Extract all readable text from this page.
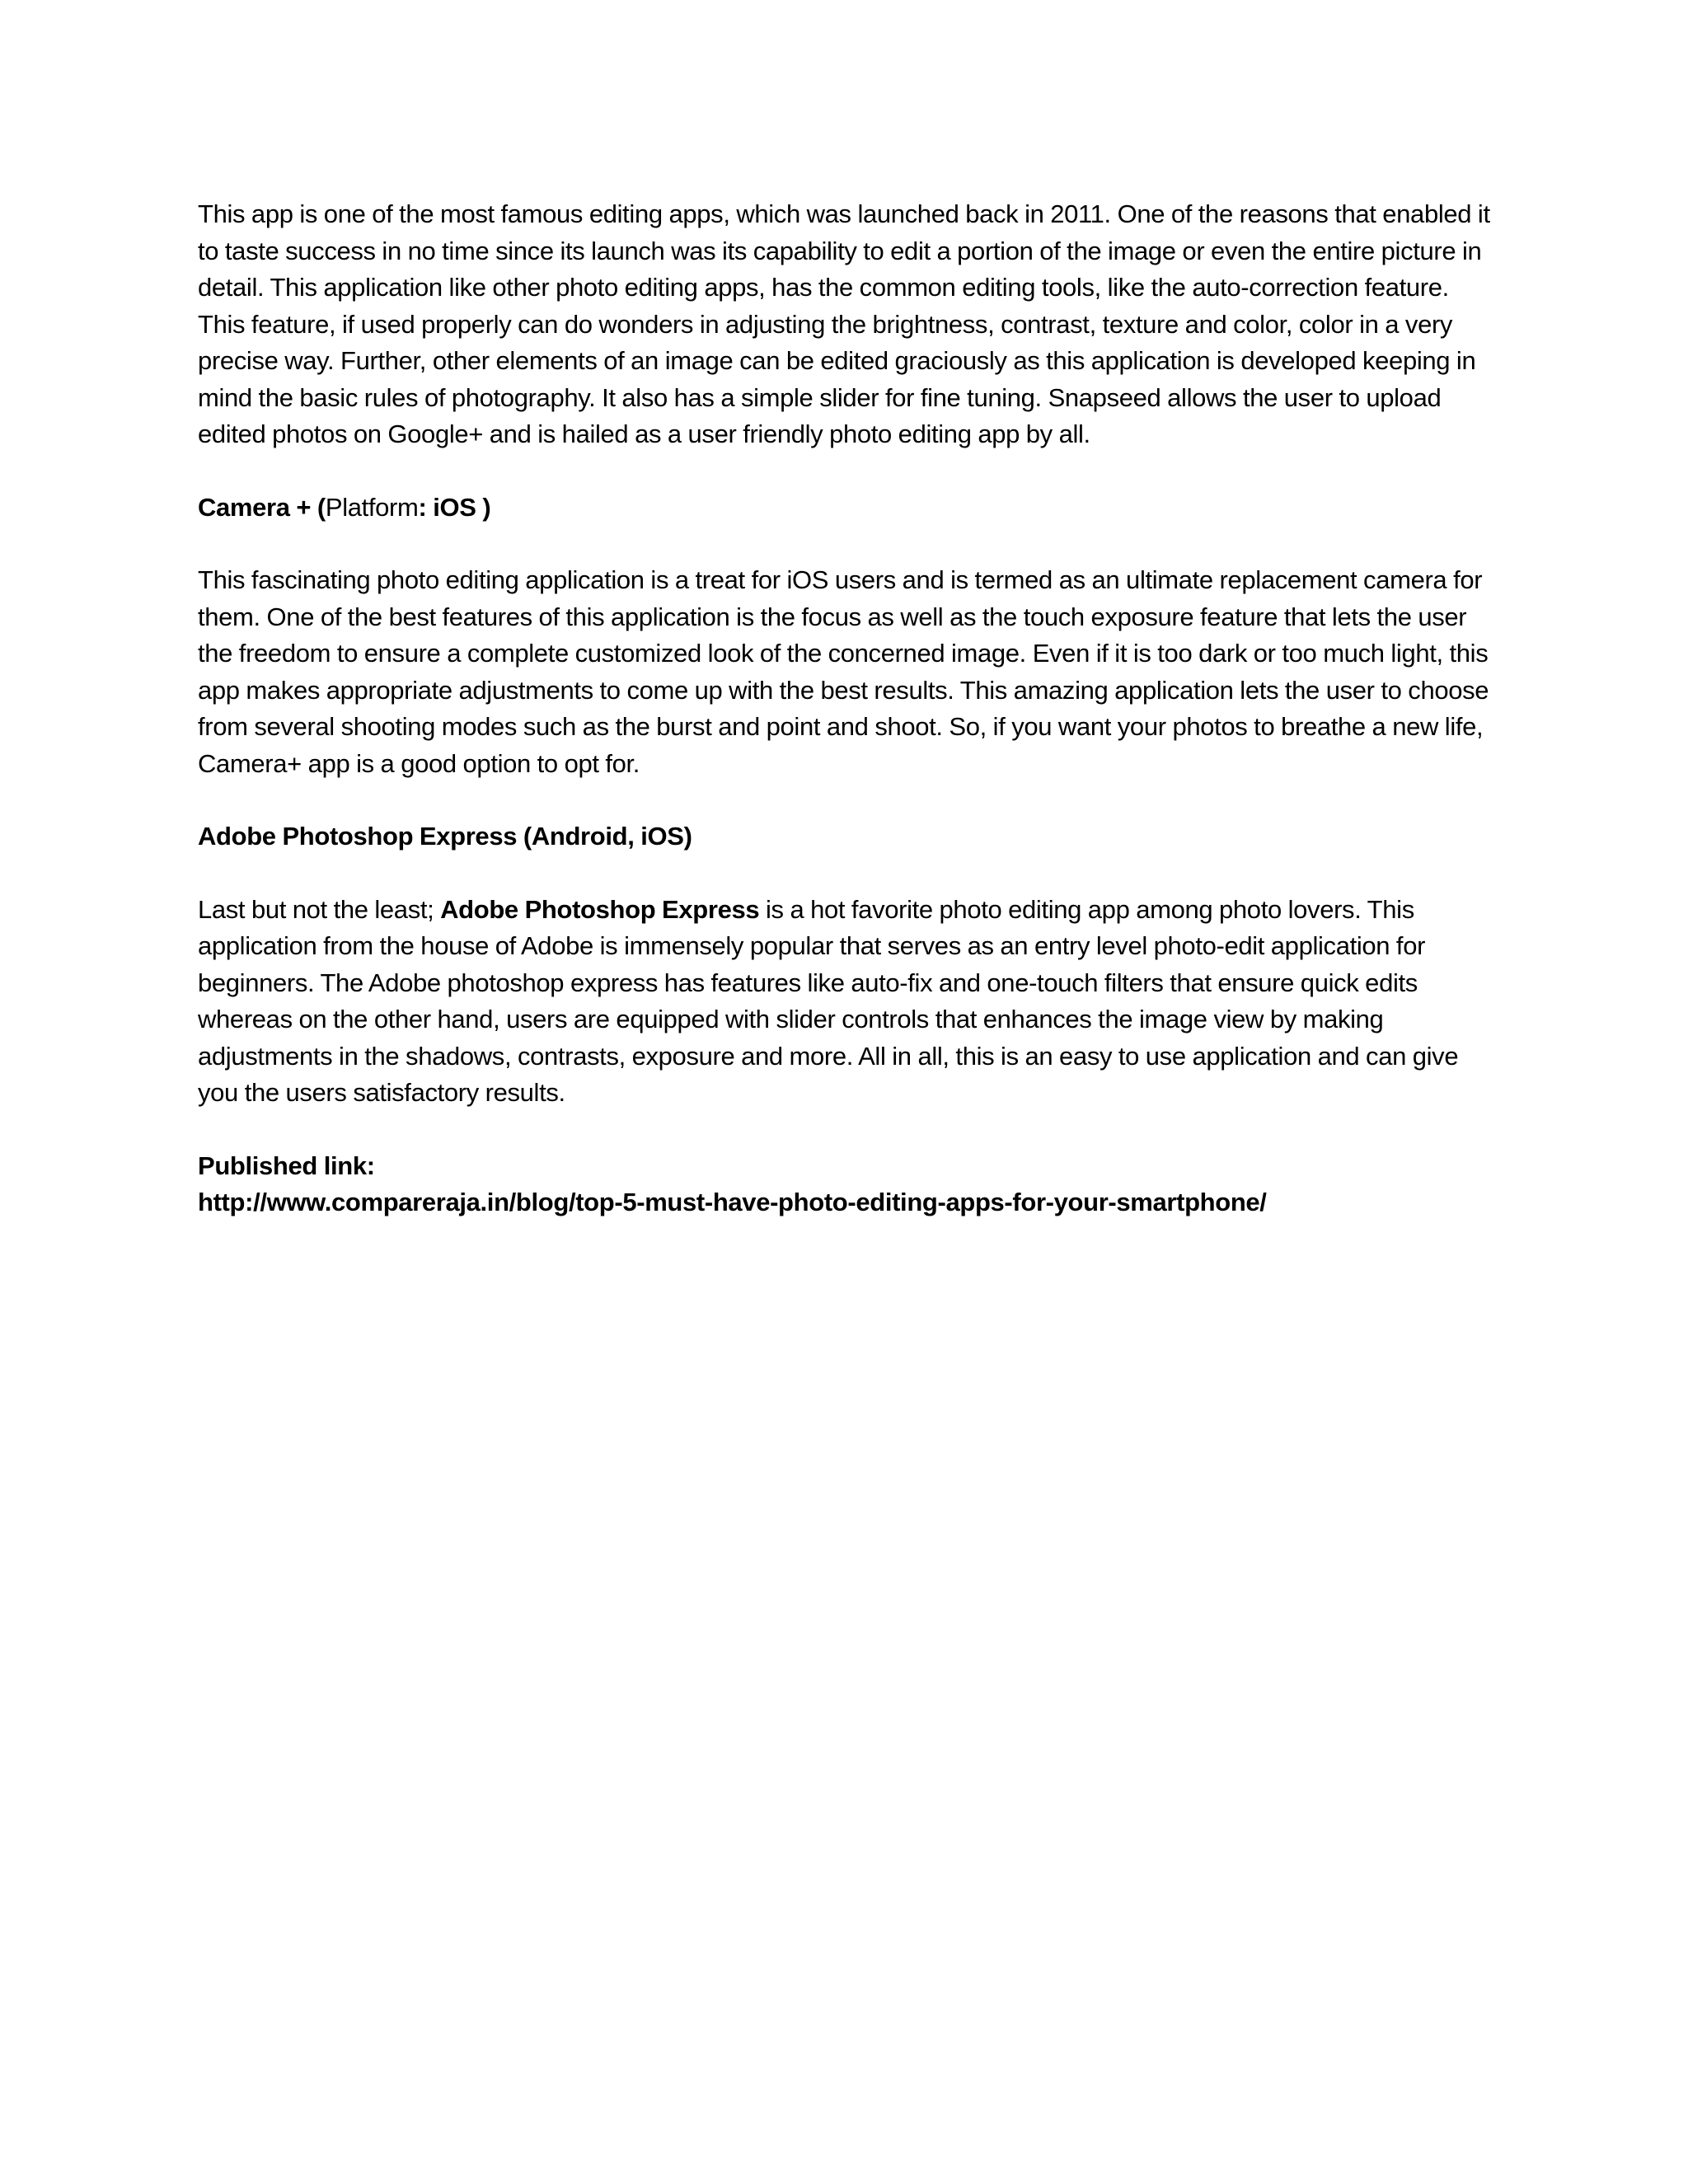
This app is one of the most famous editing apps, which was launched back in 2011. One of the reasons that enabled it to taste success in no time since its launch was its capability to edit a portion of the image or even the entire picture in detail. This application like other photo editing apps, has the common editing tools, like the auto-correction feature. This feature, if used properly can do wonders in adjusting the brightness, contrast, texture and color, color in a very precise way. Further, other elements of an image can be edited graciously as this application is developed keeping in mind the basic rules of photography. It also has a simple slider for fine tuning. Snapseed allows the user to upload edited photos on Google+ and is hailed as a user friendly photo editing app by all.

Camera + (Platform: iOS )

This fascinating photo editing application is a treat for iOS users and is termed as an ultimate replacement camera for them. One of the best features of this application is the focus as well as the touch exposure feature that lets the user the freedom to ensure a complete customized look of the concerned image. Even if it is too dark or too much light, this app makes appropriate adjustments to come up with the best results. This amazing application lets the user to choose from several shooting modes such as the burst and point and shoot. So, if you want your photos to breathe a new life, Camera+ app is a good option to opt for.

Adobe Photoshop Express (Android, iOS)

Last but not the least; Adobe Photoshop Express is a hot favorite photo editing app among photo lovers. This application from the house of Adobe is immensely popular that serves as an entry level photo-edit application for beginners. The Adobe photoshop express has features like auto-fix and one-touch filters that ensure quick edits whereas on the other hand, users are equipped with slider controls that enhances the image view by making adjustments in the shadows, contrasts, exposure and more. All in all, this is an easy to use application and can give you the users satisfactory results.

Published link:
http://www.compareraja.in/blog/top-5-must-have-photo-editing-apps-for-your-smartphone/
